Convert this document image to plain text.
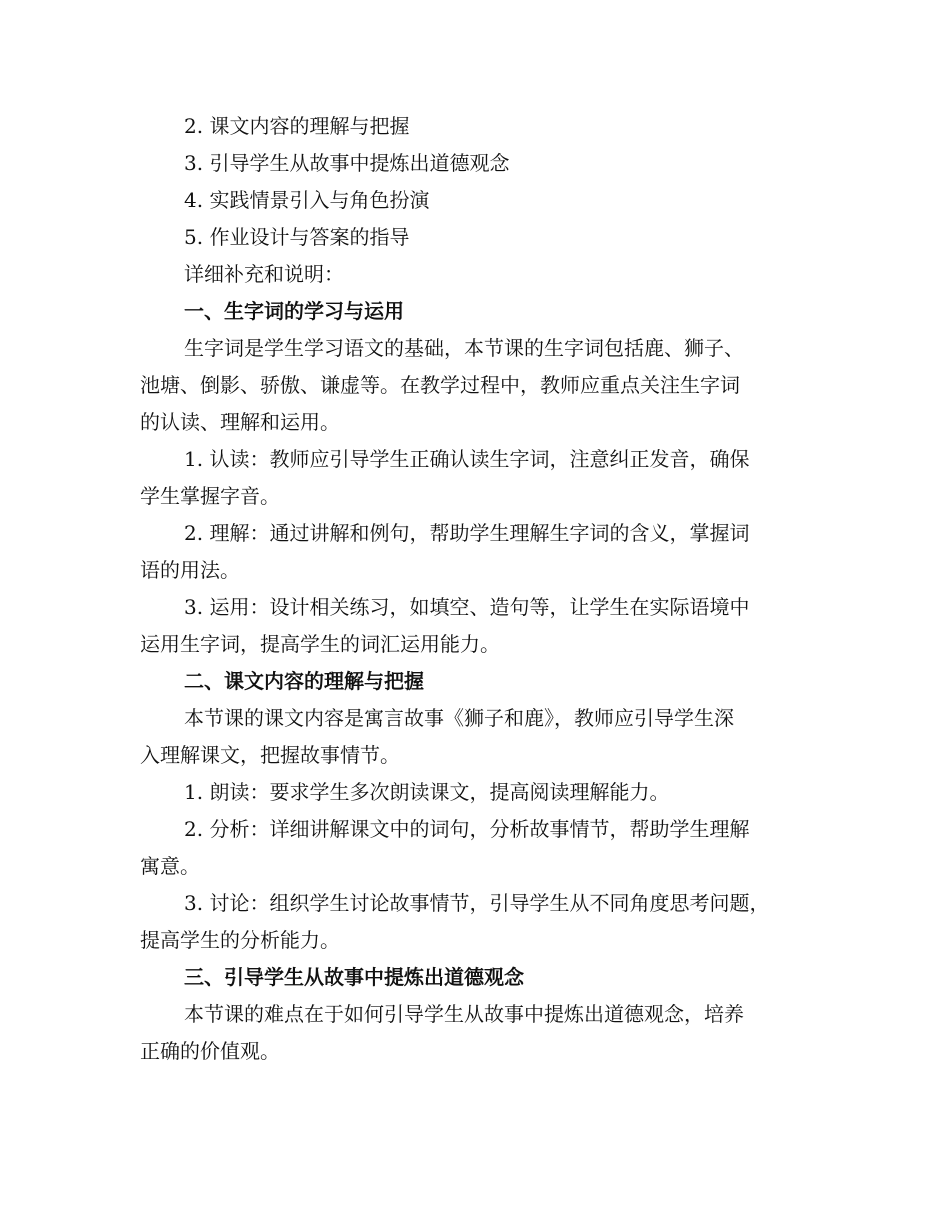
2. 课文内容的理解与把握
3. 引导学生从故事中提炼出道德观念
4. 实践情景引入与角色扮演
5. 作业设计与答案的指导
详细补充和说明：
一、生字词的学习与运用
生字词是学生学习语文的基础，本节课的生字词包括鹿、狮子、
池塘、倒影、骄傲、谦虚等。在教学过程中，教师应重点关注生字词
的认读、理解和运用。
1. 认读：教师应引导学生正确认读生字词，注意纠正发音，确保
学生掌握字音。
2. 理解：通过讲解和例句，帮助学生理解生字词的含义，掌握词
语的用法。
3. 运用：设计相关练习，如填空、造句等，让学生在实际语境中
运用生字词，提高学生的词汇运用能力。
二、课文内容的理解与把握
本节课的课文内容是寓言故事《狮子和鹿》，教师应引导学生深
入理解课文，把握故事情节。
1. 朗读：要求学生多次朗读课文，提高阅读理解能力。
2. 分析：详细讲解课文中的词句，分析故事情节，帮助学生理解
寓意。
3. 讨论：组织学生讨论故事情节，引导学生从不同角度思考问题，
提高学生的分析能力。
三、引导学生从故事中提炼出道德观念
本节课的难点在于如何引导学生从故事中提炼出道德观念，培养
正确的价值观。
